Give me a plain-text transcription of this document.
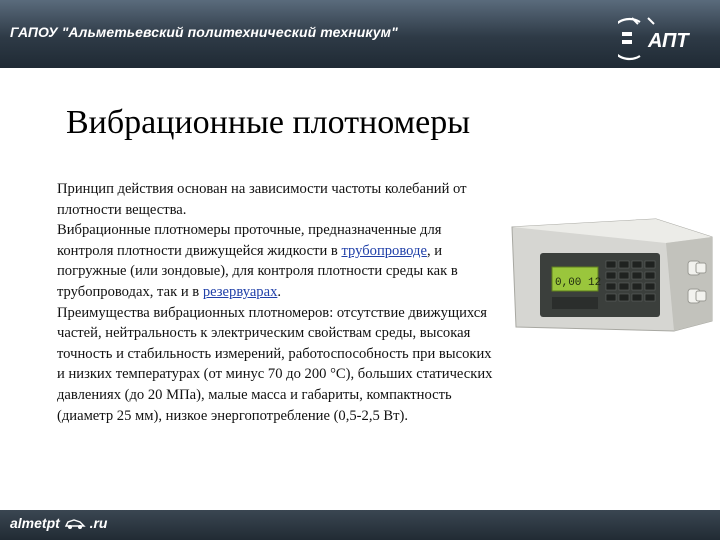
ГАПОУ "Альметьевский политехнический техникум"	АПТ
Вибрационные плотномеры

Принцип действия основан на зависимости частоты колебаний от плотности вещества.

Вибрационные плотномеры проточные, предназначенные для контроля плотности движущейся жидкости в трубопроводе, и погружные (или зондовые), для контроля плотности среды как в трубопроводах, так и в резервуарах.

Преимущества вибрационных плотномеров: отсутствие движущихся частей, нейтральность к электрическим свойствам среды, высокая точность и стабильность измерений, работоспособность при высоких и низких температурах (от минус 70 до 200 °С), больших статических давлениях (до 20 МПа), малые масса и габариты, компактность (диаметр 25 мм), низкое энергопотребление (0,5-2,5 Вт).

0,00 12
almetpt .ru
